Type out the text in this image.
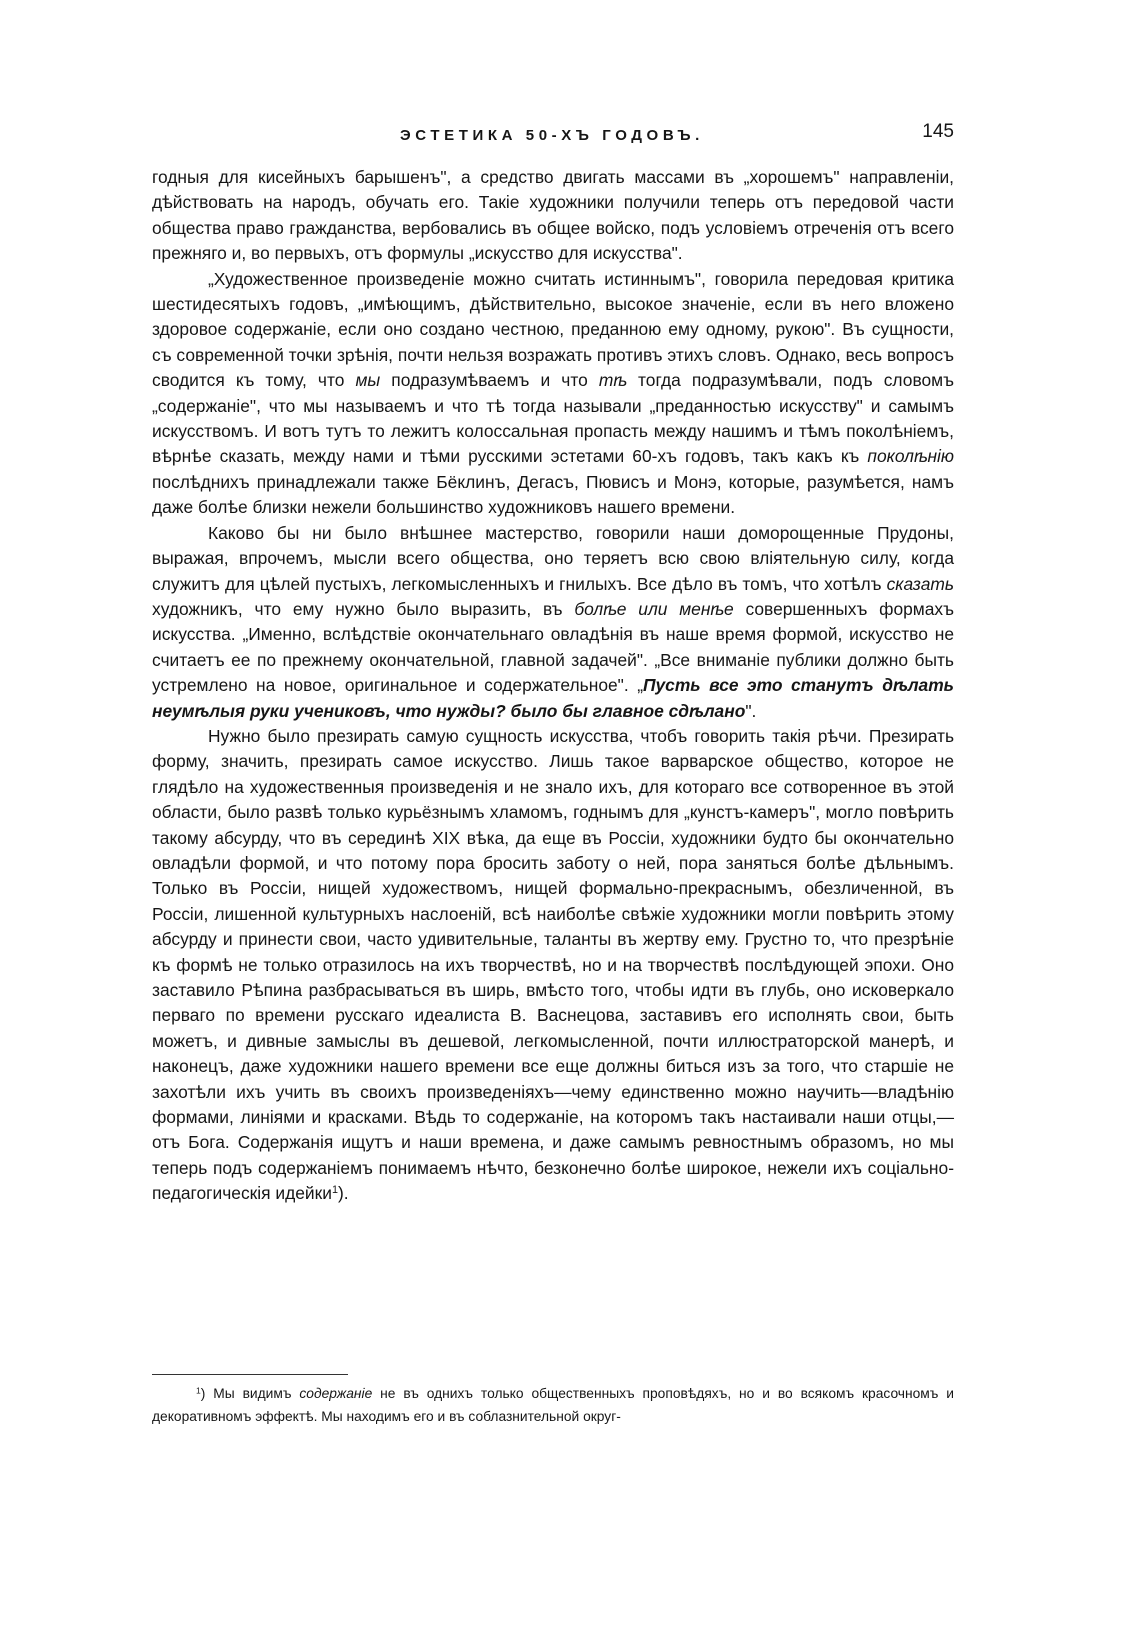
ЭСТЕТИКА 50-ХЪ ГОДОВЪ.	145

годныя для кисейныхъ барышенъ", а средство двигать массами въ „хорошемъ" направленіи, дѣйствовать на народъ, обучать его. Такіе художники получили теперь отъ передовой части общества право гражданства, вербовались въ общее войско, подъ условіемъ отреченія отъ всего прежняго и, во первыхъ, отъ формулы „искусство для искусства".

„Художественное произведеніе можно считать истиннымъ", говорила передовая критика шестидесятыхъ годовъ, „имѣющимъ, дѣйствительно, высокое значеніе, если въ него вложено здоровое содержаніе, если оно создано честною, преданною ему одному, рукою". Въ сущности, съ современной точки зрѣнія, почти нельзя возражать противъ этихъ словъ. Однако, весь вопросъ сводится къ тому, что мы подразумѣваемъ и что тѣ тогда подразумѣвали, подъ словомъ „содержаніе", что мы называемъ и что тѣ тогда называли „преданностью искусству" и самымъ искусствомъ. И вотъ тутъ то лежитъ колоссальная пропасть между нашимъ и тѣмъ поколѣніемъ, вѣрнѣе сказать, между нами и тѣми русскими эстетами 60-хъ годовъ, такъ какъ къ поколѣнію послѣднихъ принадлежали также Бёклинъ, Дегасъ, Пювисъ и Монэ, которые, разумѣется, намъ даже болѣе близки нежели большинство художниковъ нашего времени.

Каково бы ни было внѣшнее мастерство, говорили наши доморощенные Прудоны, выражая, впрочемъ, мысли всего общества, оно теряетъ всю свою вліятельную силу, когда служитъ для цѣлей пустыхъ, легкомысленныхъ и гнилыхъ. Все дѣло въ томъ, что хотѣлъ сказать художникъ, что ему нужно было выразить, въ болѣе или менѣе совершенныхъ формахъ искусства. „Именно, вслѣдствіе окончательнаго овладѣнія въ наше время формой, искусство не считаетъ ее по прежнему окончательной, главной задачей". „Все вниманіе публики должно быть устремлено на новое, оригинальное и содержательное". „Пусть все это станутъ дѣлать неумѣлыя руки учениковъ, что нужды? было бы главное сдѣлано".

Нужно было презирать самую сущность искусства, чтобъ говорить такія рѣчи. Презирать форму, значить, презирать самое искусство. Лишь такое варварское общество, которое не глядѣло на художественныя произведенія и не знало ихъ, для котораго все сотворенное въ этой области, было развѣ только курьёзнымъ хламомъ, годнымъ для „кунстъ-камеръ", могло повѣрить такому абсурду, что въ серединѣ XIX вѣка, да еще въ Россіи, художники будто бы окончательно овладѣли формой, и что потому пора бросить заботу о ней, пора заняться болѣе дѣльнымъ. Только въ Россіи, нищей художествомъ, нищей формально-прекраснымъ, обезличенной, въ Россіи, лишенной культурныхъ наслоеній, всѣ наиболѣе свѣжіе художники могли повѣрить этому абсурду и принести свои, часто удивительные, таланты въ жертву ему. Грустно то, что презрѣніе къ формѣ не только отразилось на ихъ творчествѣ, но и на творчествѣ послѣдующей эпохи. Оно заставило Рѣпина разбрасываться въ ширь, вмѣсто того, чтобы идти въ глубь, оно исковеркало перваго по времени русскаго идеалиста В. Васнецова, заставивъ его исполнять свои, быть можетъ, и дивные замыслы въ дешевой, легкомысленной, почти иллюстраторской манерѣ, и наконецъ, даже художники нашего времени все еще должны биться изъ за того, что старшіе не захотѣли ихъ учить въ своихъ произведеніяхъ—чему единственно можно научить—владѣнію формами, линіями и красками. Вѣдь то содержаніе, на которомъ такъ настаивали наши отцы,—отъ Бога. Содержанія ищутъ и наши времена, и даже самымъ ревностнымъ образомъ, но мы теперь подъ содержаніемъ понимаемъ нѣчто, безконечно болѣе широкое, нежели ихъ соціально-педагогическія идейки$^1$).

$^1$) Мы видимъ содержаніе не въ однихъ только общественныхъ проповѣдяхъ, но и во всякомъ красочномъ и декоративномъ эффектѣ. Мы находимъ его и въ соблазнительной округ-
